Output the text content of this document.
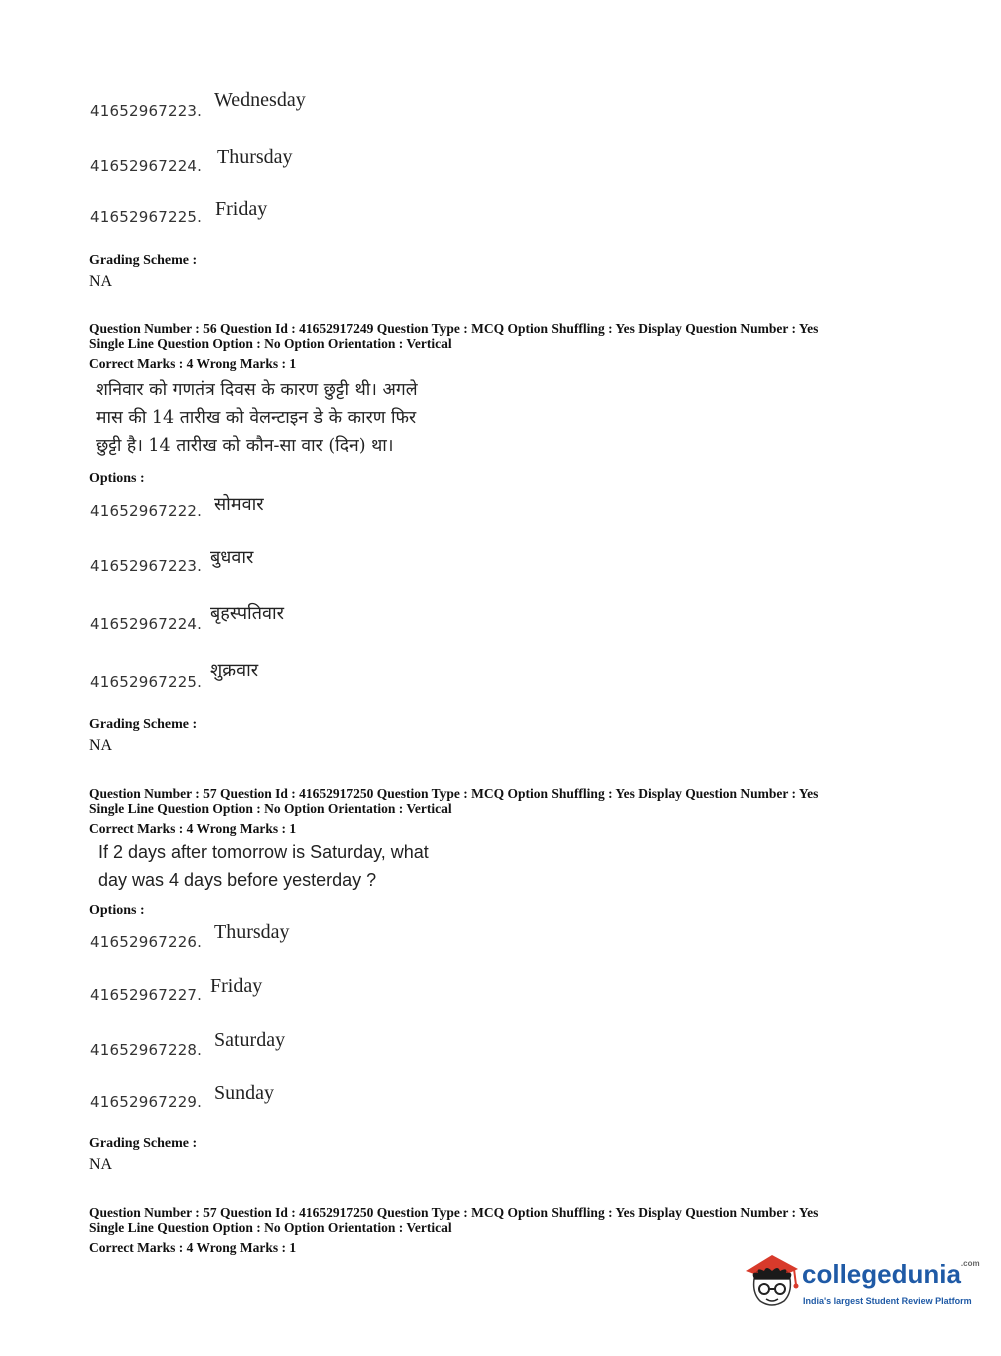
41652967223. Wednesday
41652967224. Thursday
41652967225. Friday
Grading Scheme :
NA
Question Number : 56 Question Id : 41652917249 Question Type : MCQ Option Shuffling : Yes Display Question Number : Yes
Single Line Question Option : No Option Orientation : Vertical
Correct Marks : 4 Wrong Marks : 1
शनिवार को गणतंत्र दिवस के कारण छुट्टी थी। अगले
मास की 14 तारीख को वेलन्टाइन डे के कारण फिर
छुट्टी है। 14 तारीख को कौन-सा वार (दिन) था।
Options :
41652967222. सोमवार
41652967223. बुधवार
41652967224.
बृहस्पतिवार
41652967225.
शुक्रवार
Grading Scheme :
NA
Question Number : 57 Question Id : 41652917250 Question Type : MCQ Option Shuffling : Yes Display Question Number : Yes
Single Line Question Option : No Option Orientation : Vertical
Correct Marks : 4 Wrong Marks : 1
If 2 days after tomorrow is Saturday, what
day was 4 days before yesterday ?
Options :
41652967226. Thursday
41652967227. Friday
41652967228. Saturday
41652967229. Sunday
Grading Scheme :
NA
Question Number : 57 Question Id : 41652917250 Question Type : MCQ Option Shuffling : Yes Display Question Number : Yes
Single Line Question Option : No Option Orientation : Vertical
Correct Marks : 4 Wrong Marks : 1
collegedunia$^{.com}$
India's largest Student Review Platform
